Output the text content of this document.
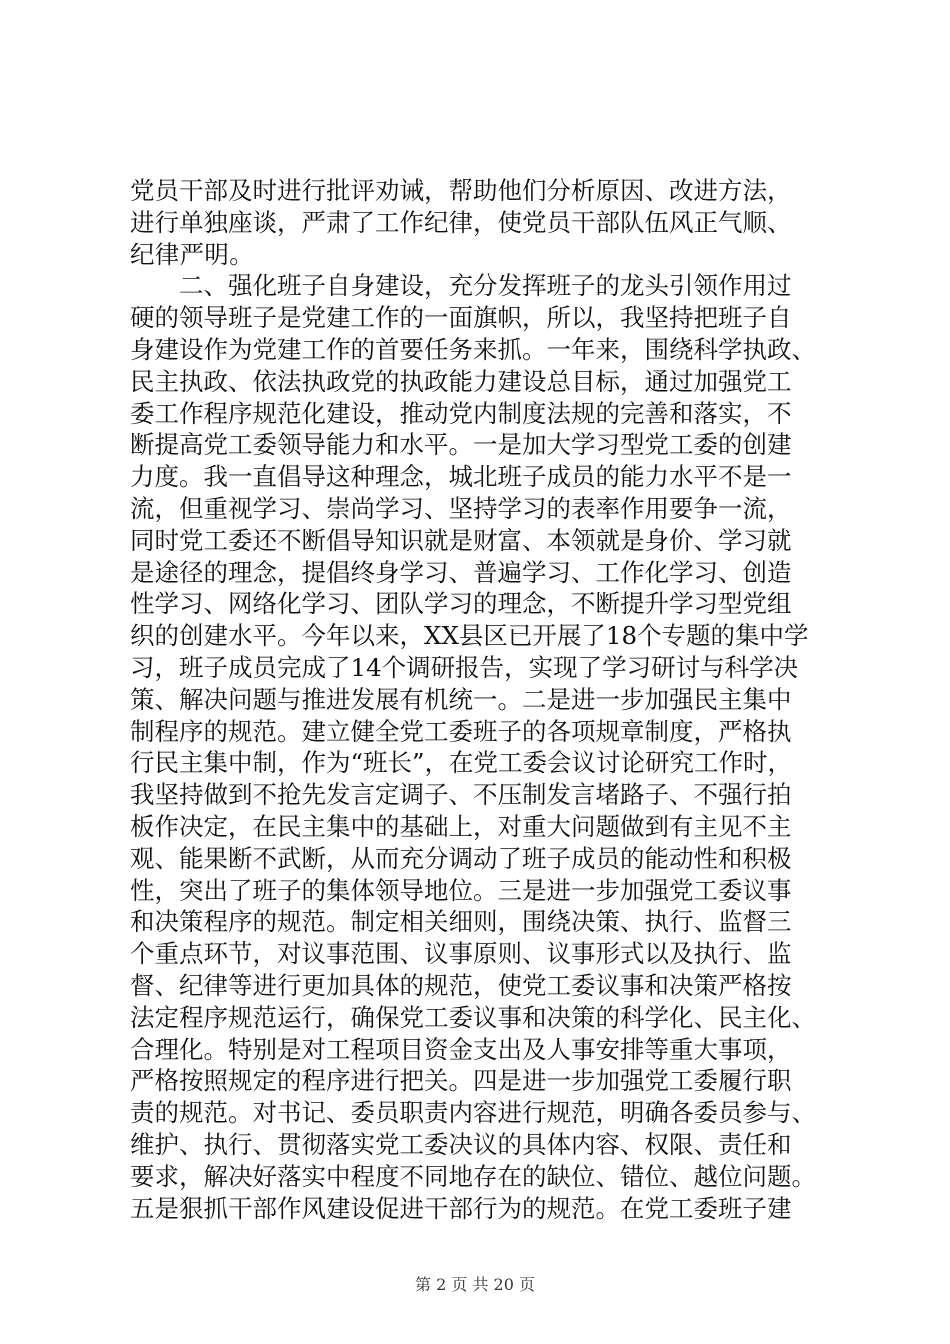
党员干部及时进行批评劝诫，帮助他们分析原因、改进方法，
进行单独座谈，严肃了工作纪律，使党员干部队伍风正气顺、
纪律严明。
　　二、强化班子自身建设，充分发挥班子的龙头引领作用过
硬的领导班子是党建工作的一面旗帜，所以，我坚持把班子自
身建设作为党建工作的首要任务来抓。一年来，围绕科学执政、
民主执政、依法执政党的执政能力建设总目标，通过加强党工
委工作程序规范化建设，推动党内制度法规的完善和落实，不
断提高党工委领导能力和水平。一是加大学习型党工委的创建
力度。我一直倡导这种理念，城北班子成员的能力水平不是一
流，但重视学习、崇尚学习、坚持学习的表率作用要争一流，
同时党工委还不断倡导知识就是财富、本领就是身价、学习就
是途径的理念，提倡终身学习、普遍学习、工作化学习、创造
性学习、网络化学习、团队学习的理念，不断提升学习型党组
织的创建水平。今年以来，XX县区已开展了18个专题的集中学
习，班子成员完成了14个调研报告，实现了学习研讨与科学决
策、解决问题与推进发展有机统一。二是进一步加强民主集中
制程序的规范。建立健全党工委班子的各项规章制度，严格执
行民主集中制，作为“班长”，在党工委会议讨论研究工作时，
我坚持做到不抢先发言定调子、不压制发言堵路子、不强行拍
板作决定，在民主集中的基础上，对重大问题做到有主见不主
观、能果断不武断，从而充分调动了班子成员的能动性和积极
性，突出了班子的集体领导地位。三是进一步加强党工委议事
和决策程序的规范。制定相关细则，围绕决策、执行、监督三
个重点环节，对议事范围、议事原则、议事形式以及执行、监
督、纪律等进行更加具体的规范，使党工委议事和决策严格按
法定程序规范运行，确保党工委议事和决策的科学化、民主化、
合理化。特别是对工程项目资金支出及人事安排等重大事项，
严格按照规定的程序进行把关。四是进一步加强党工委履行职
责的规范。对书记、委员职责内容进行规范，明确各委员参与、
维护、执行、贯彻落实党工委决议的具体内容、权限、责任和
要求，解决好落实中程度不同地存在的缺位、错位、越位问题。
五是狠抓干部作风建设促进干部行为的规范。在党工委班子建
第 2 页 共 20 页
